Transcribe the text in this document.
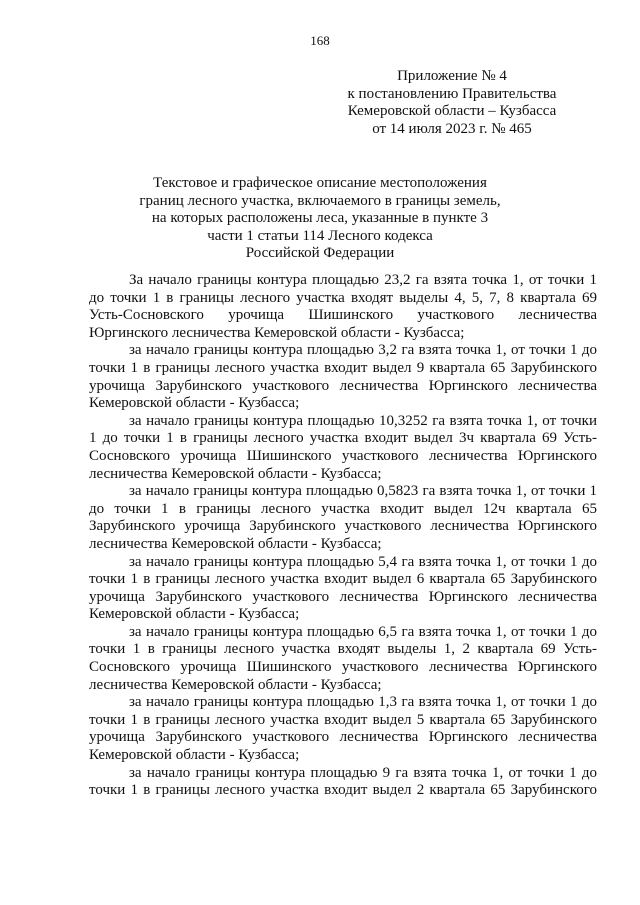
168
Приложение № 4
к постановлению Правительства
Кемеровской области – Кузбасса
от 14 июля 2023 г. № 465
Текстовое и графическое описание местоположения
границ лесного участка, включаемого в границы земель,
на которых расположены леса, указанные в пункте 3
части 1 статьи 114 Лесного кодекса
Российской Федерации

За начало границы контура площадью 23,2 га взята точка 1, от точки 1 до точки 1 в границы лесного участка входят выделы 4, 5, 7, 8 квартала 69 Усть-Сосновского урочища Шишинского участкового лесничества Юргинского лесничества Кемеровской области - Кузбасса;

за начало границы контура площадью 3,2 га взята точка 1, от точки 1 до точки 1 в границы лесного участка входит выдел 9 квартала 65 Зарубинского урочища Зарубинского участкового лесничества Юргинского лесничества Кемеровской области - Кузбасса;

за начало границы контура площадью 10,3252 га взята точка 1, от точки 1 до точки 1 в границы лесного участка входит выдел 3ч квартала 69 Усть-Сосновского урочища Шишинского участкового лесничества Юргинского лесничества Кемеровской области - Кузбасса;

за начало границы контура площадью 0,5823 га взята точка 1, от точки 1 до точки 1 в границы лесного участка входит выдел 12ч квартала 65 Зарубинского урочища Зарубинского участкового лесничества Юргинского лесничества Кемеровской области - Кузбасса;

за начало границы контура площадью 5,4 га взята точка 1, от точки 1 до точки 1 в границы лесного участка входит выдел 6 квартала 65 Зарубинского урочища Зарубинского участкового лесничества Юргинского лесничества Кемеровской области - Кузбасса;

за начало границы контура площадью 6,5 га взята точка 1, от точки 1 до точки 1 в границы лесного участка входят выделы 1, 2 квартала 69 Усть-Сосновского урочища Шишинского участкового лесничества Юргинского лесничества Кемеровской области - Кузбасса;

за начало границы контура площадью 1,3 га взята точка 1, от точки 1 до точки 1 в границы лесного участка входит выдел 5 квартала 65 Зарубинского урочища Зарубинского участкового лесничества Юргинского лесничества Кемеровской области - Кузбасса;

за начало границы контура площадью 9 га взята точка 1, от точки 1 до точки 1 в границы лесного участка входит выдел 2 квартала 65 Зарубинского
